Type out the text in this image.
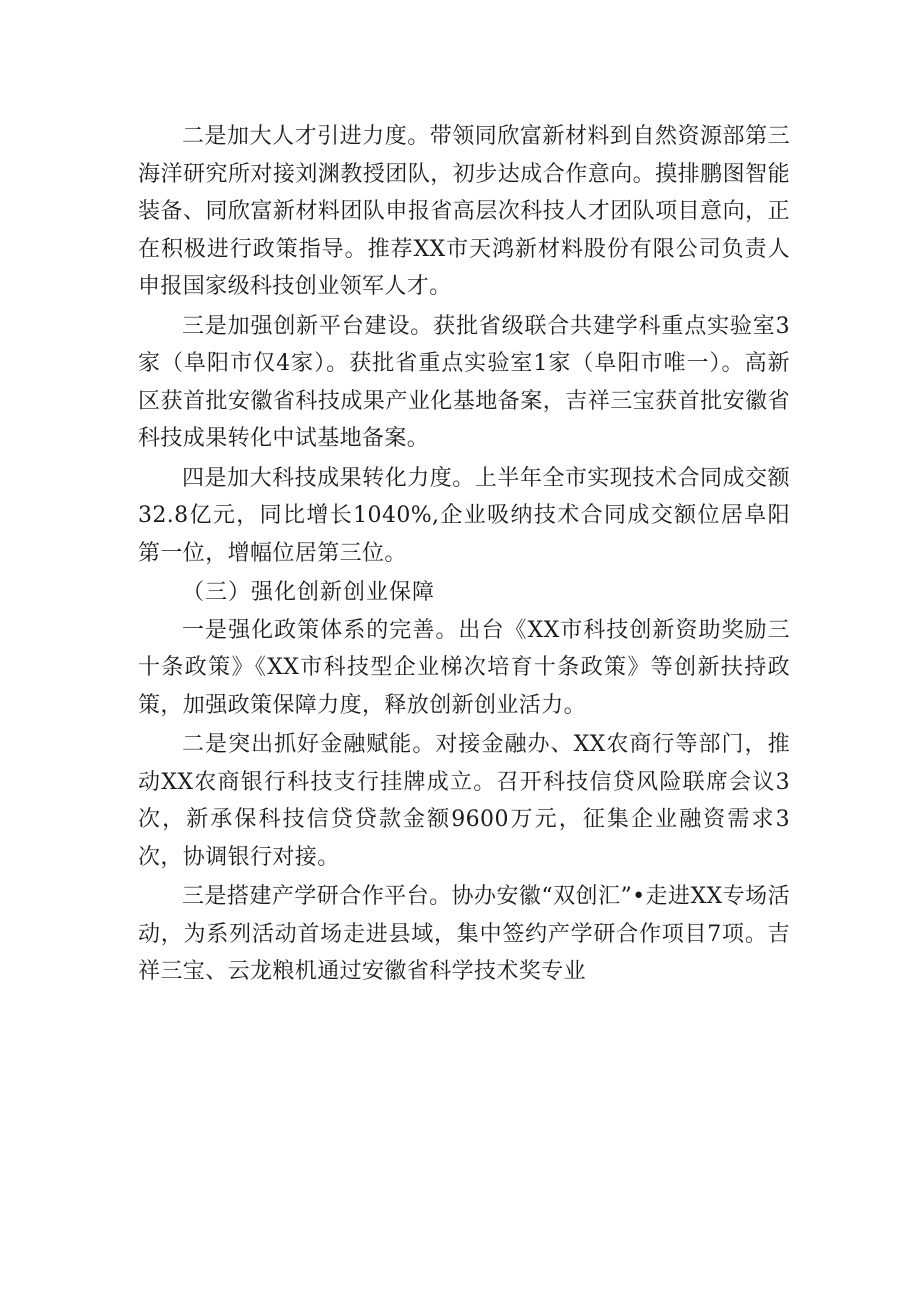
二是加大人才引进力度。带领同欣富新材料到自然资源部第三海洋研究所对接刘渊教授团队，初步达成合作意向。摸排鹏图智能装备、同欣富新材料团队申报省高层次科技人才团队项目意向，正在积极进行政策指导。推荐XX市天鸿新材料股份有限公司负责人申报国家级科技创业领军人才。

三是加强创新平台建设。获批省级联合共建学科重点实验室3家（阜阳市仅4家）。获批省重点实验室1家（阜阳市唯一）。高新区获首批安徽省科技成果产业化基地备案，吉祥三宝获首批安徽省科技成果转化中试基地备案。

四是加大科技成果转化力度。上半年全市实现技术合同成交额32.8亿元，同比增长1040%,企业吸纳技术合同成交额位居阜阳第一位，增幅位居第三位。

（三）强化创新创业保障

一是强化政策体系的完善。出台《XX市科技创新资助奖励三十条政策》《XX市科技型企业梯次培育十条政策》等创新扶持政策，加强政策保障力度，释放创新创业活力。

二是突出抓好金融赋能。对接金融办、XX农商行等部门，推动XX农商银行科技支行挂牌成立。召开科技信贷风险联席会议3次，新承保科技信贷贷款金额9600万元，征集企业融资需求3次，协调银行对接。

三是搭建产学研合作平台。协办安徽“双创汇”•走进XX专场活动，为系列活动首场走进县域，集中签约产学研合作项目7项。吉祥三宝、云龙粮机通过安徽省科学技术奖专业
